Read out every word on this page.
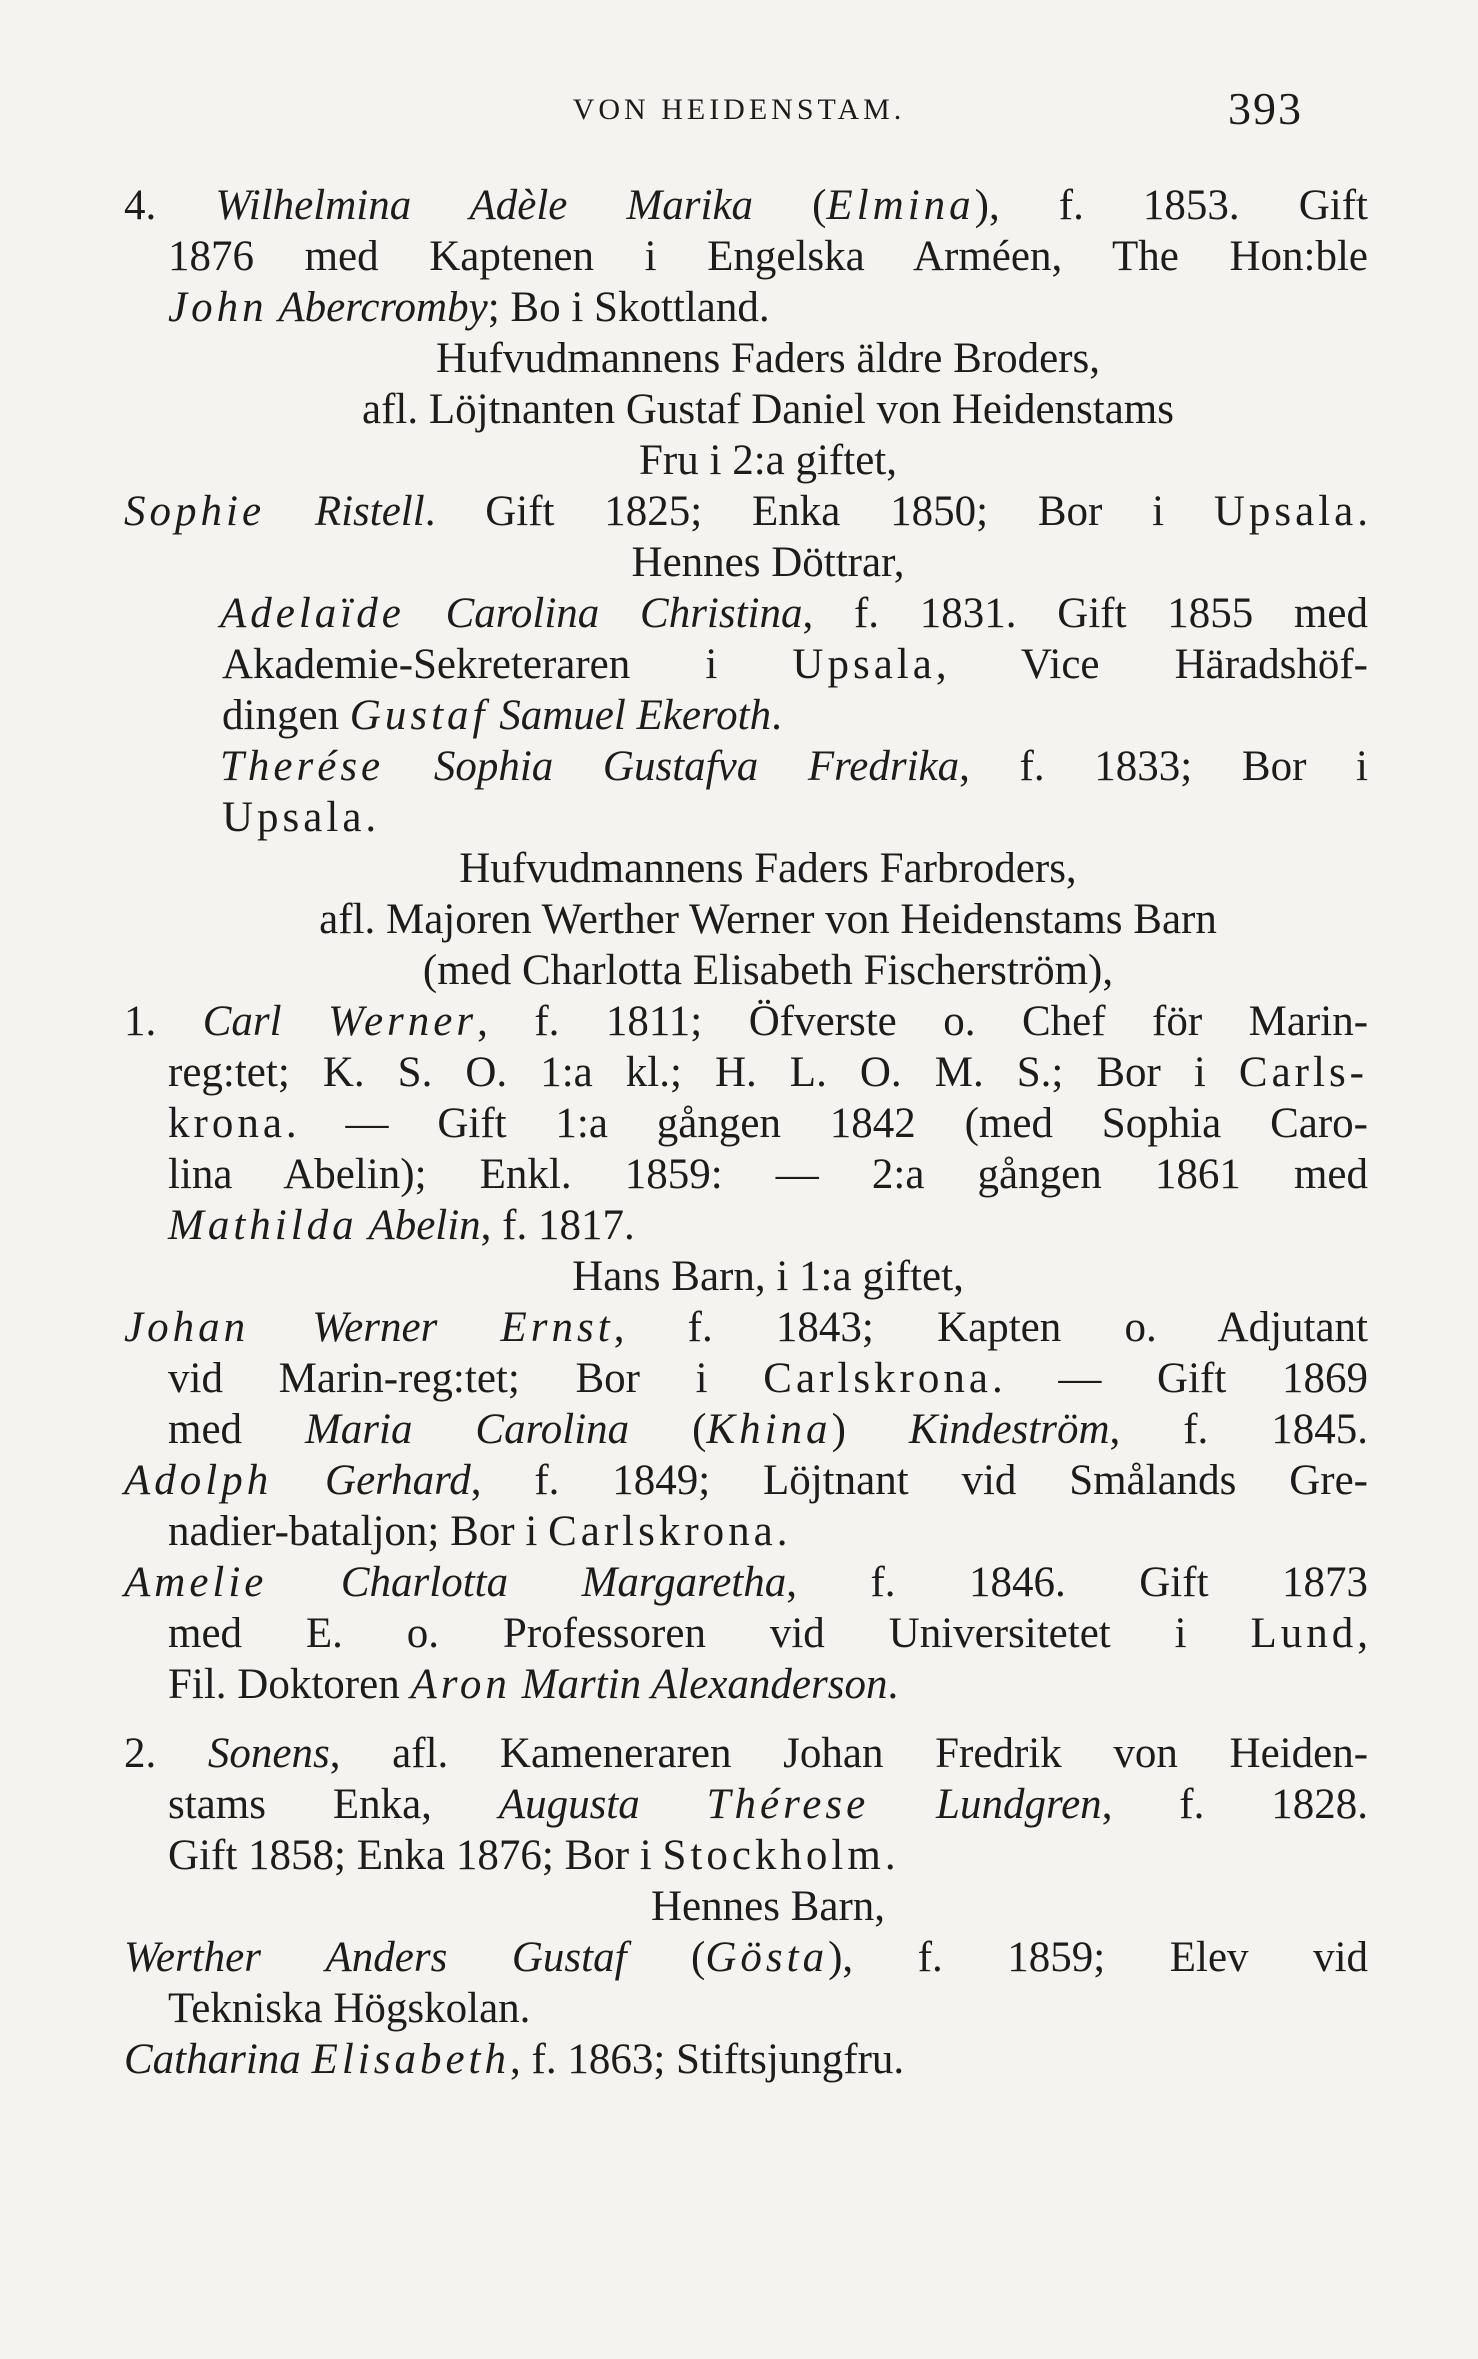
VON HEIDENSTAM.	393
4. Wilhelmina Adèle Marika (Elmina), f. 1853. Gift
1876 med Kaptenen i Engelska Arméen, The Hon:ble
John Abercromby; Bo i Skottland.
Hufvudmannens Faders äldre Broders,
afl. Löjtnanten Gustaf Daniel von Heidenstams
Fru i 2:a giftet,
Sophie Ristell. Gift 1825; Enka 1850; Bor i Upsala.
Hennes Döttrar,
Adelaïde Carolina Christina, f. 1831. Gift 1855 med
Akademie-Sekreteraren i Upsala, Vice Häradshöf-
dingen Gustaf Samuel Ekeroth.
Therése Sophia Gustafva Fredrika, f. 1833; Bor i
Upsala.
Hufvudmannens Faders Farbroders,
afl. Majoren Werther Werner von Heidenstams Barn
(med Charlotta Elisabeth Fischerström),
1. Carl Werner, f. 1811; Öfverste o. Chef för Marin-
reg:tet; K. S. O. 1:a kl.; H. L. O. M. S.; Bor i Carls-
krona. — Gift 1:a gången 1842 (med Sophia Caro-
lina Abelin); Enkl. 1859: — 2:a gången 1861 med
Mathilda Abelin, f. 1817.
Hans Barn, i 1:a giftet,
Johan Werner Ernst, f. 1843; Kapten o. Adjutant
vid Marin-reg:tet; Bor i Carlskrona. — Gift 1869
med Maria Carolina (Khina) Kindeström, f. 1845.
Adolph Gerhard, f. 1849; Löjtnant vid Smålands Gre-
nadier-bataljon; Bor i Carlskrona.
Amelie Charlotta Margaretha, f. 1846. Gift 1873
med E. o. Professoren vid Universitetet i Lund,
Fil. Doktoren Aron Martin Alexanderson.
2. Sonens, afl. Kameneraren Johan Fredrik von Heiden-
stams Enka, Augusta Thérese Lundgren, f. 1828.
Gift 1858; Enka 1876; Bor i Stockholm.
Hennes Barn,
Werther Anders Gustaf (Gösta), f. 1859; Elev vid
Tekniska Högskolan.
Catharina Elisabeth, f. 1863; Stiftsjungfru.
